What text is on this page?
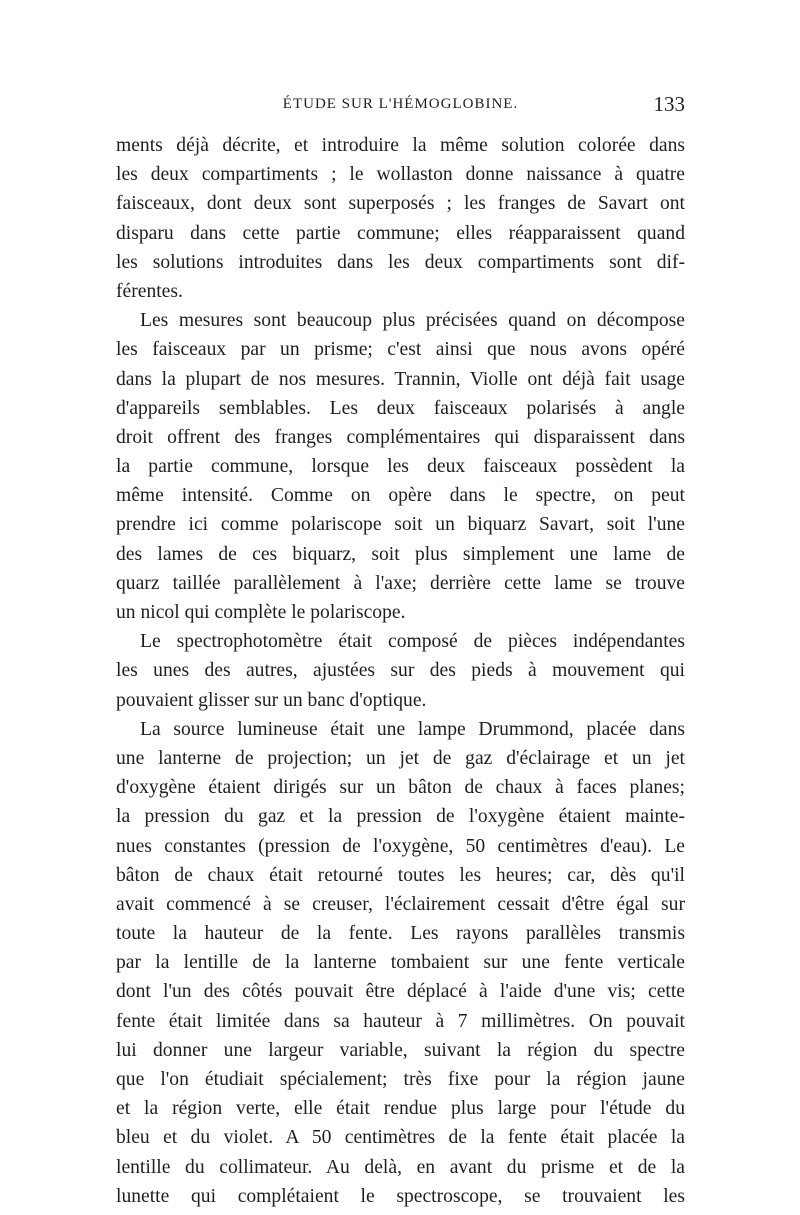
ÉTUDE SUR L'HÉMOGLOBINE.	133
ments déjà décrite, et introduire la même solution colorée dans
les deux compartiments ; le wollaston donne naissance à quatre
faisceaux, dont deux sont superposés ; les franges de Savart ont
disparu dans cette partie commune; elles réapparaissent quand
les solutions introduites dans les deux compartiments sont dif-
férentes.
Les mesures sont beaucoup plus précisées quand on décompose
les faisceaux par un prisme; c'est ainsi que nous avons opéré
dans la plupart de nos mesures. Trannin, Violle ont déjà fait usage
d'appareils semblables. Les deux faisceaux polarisés à angle
droit offrent des franges complémentaires qui disparaissent dans
la partie commune, lorsque les deux faisceaux possèdent la
même intensité. Comme on opère dans le spectre, on peut
prendre ici comme polariscope soit un biquarz Savart, soit l'une
des lames de ces biquarz, soit plus simplement une lame de
quarz taillée parallèlement à l'axe; derrière cette lame se trouve
un nicol qui complète le polariscope.
Le spectrophotomètre était composé de pièces indépendantes
les unes des autres, ajustées sur des pieds à mouvement qui
pouvaient glisser sur un banc d'optique.
La source lumineuse était une lampe Drummond, placée dans
une lanterne de projection; un jet de gaz d'éclairage et un jet
d'oxygène étaient dirigés sur un bâton de chaux à faces planes;
la pression du gaz et la pression de l'oxygène étaient mainte-
nues constantes (pression de l'oxygène, 50 centimètres d'eau). Le
bâton de chaux était retourné toutes les heures; car, dès qu'il
avait commencé à se creuser, l'éclairement cessait d'être égal sur
toute la hauteur de la fente. Les rayons parallèles transmis
par la lentille de la lanterne tombaient sur une fente verticale
dont l'un des côtés pouvait être déplacé à l'aide d'une vis; cette
fente était limitée dans sa hauteur à 7 millimètres. On pouvait
lui donner une largeur variable, suivant la région du spectre
que l'on étudiait spécialement; très fixe pour la région jaune
et la région verte, elle était rendue plus large pour l'étude du
bleu et du violet. A 50 centimètres de la fente était placée la
lentille du collimateur. Au delà, en avant du prisme et de la
lunette qui complétaient le spectroscope, se trouvaient les
